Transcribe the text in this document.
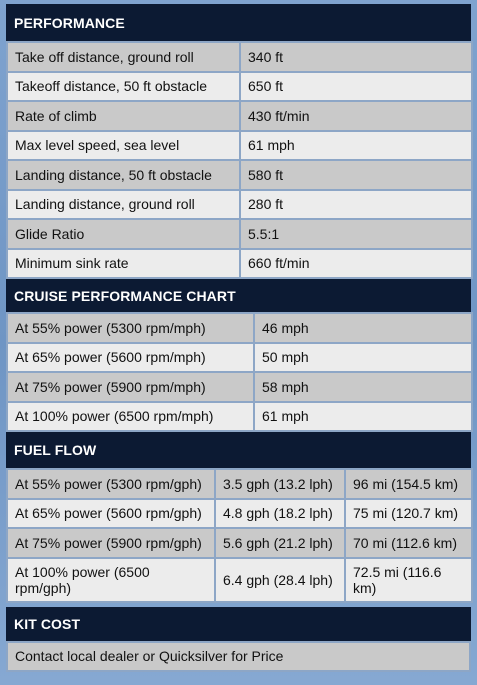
PERFORMANCE
Take off distance, ground roll	340 ft
Takeoff distance, 50 ft obstacle	650 ft
Rate of climb	430 ft/min
Max level speed, sea level	61 mph
Landing distance, 50 ft obstacle	580 ft
Landing distance, ground roll	280 ft
Glide Ratio	5.5:1
Minimum sink rate	660 ft/min
CRUISE PERFORMANCE CHART
At 55% power (5300 rpm/mph)	46 mph
At 65% power (5600 rpm/mph)	50 mph
At 75% power (5900 rpm/mph)	58 mph
At 100% power (6500 rpm/mph)	61 mph
FUEL FLOW
At 55% power (5300 rpm/gph)	3.5 gph (13.2 lph)	96 mi (154.5 km)
At 65% power (5600 rpm/gph)	4.8 gph (18.2 lph)	75 mi (120.7 km)
At 75% power (5900 rpm/gph)	5.6 gph (21.2 lph)	70 mi (112.6 km)
At 100% power (6500 rpm/gph)	6.4 gph (28.4 lph)	72.5 mi (116.6 km)
KIT COST
Contact local dealer or Quicksilver for Price
